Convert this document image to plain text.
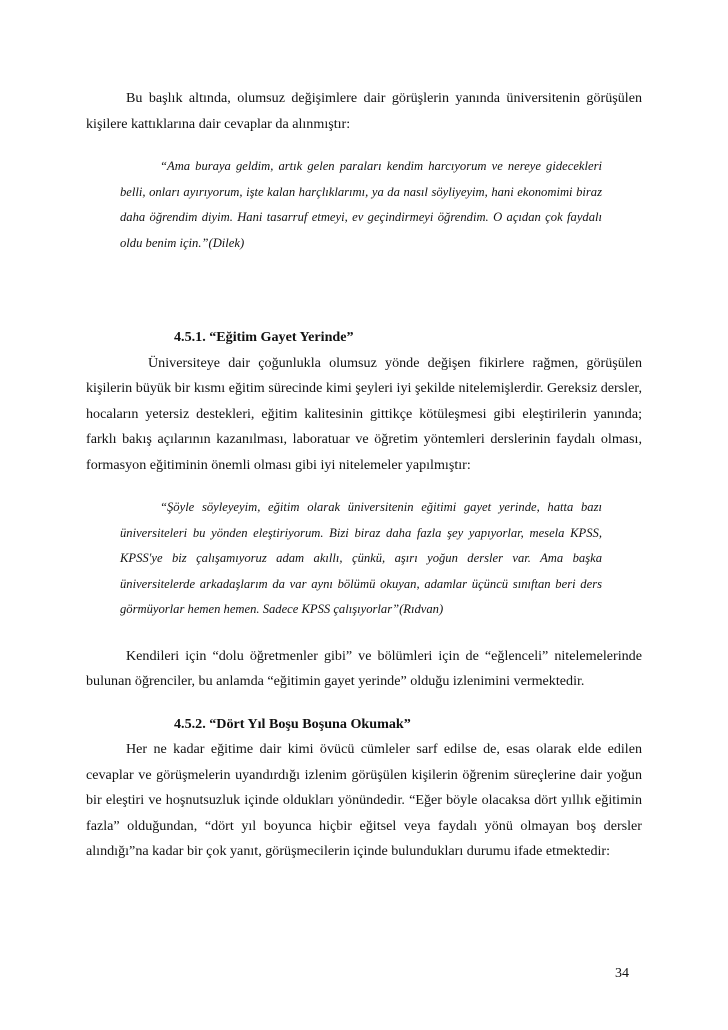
Bu başlık altında, olumsuz değişimlere dair görüşlerin yanında üniversitenin görüşülen kişilere kattıklarına dair cevaplar da alınmıştır:

“Ama buraya geldim, artık gelen paraları kendim harcıyorum ve nereye gidecekleri belli, onları ayırıyorum, işte kalan harçlıklarımı, ya da nasıl söyliyeyim, hani ekonomimi biraz daha öğrendim diyim. Hani tasarruf etmeyi, ev geçindirmeyi öğrendim. O açıdan çok faydalı oldu benim için.”(Dilek)

4.5.1. “Eğitim Gayet Yerinde”

Üniversiteye dair çoğunlukla olumsuz yönde değişen fikirlere rağmen, görüşülen kişilerin büyük bir kısmı eğitim sürecinde kimi şeyleri iyi şekilde nitelemişlerdir. Gereksiz dersler, hocaların yetersiz destekleri, eğitim kalitesinin gittikçe kötüleşmesi gibi eleştirilerin yanında; farklı bakış açılarının kazanılması, laboratuar ve öğretim yöntemleri derslerinin faydalı olması, formasyon eğitiminin önemli olması gibi iyi nitelemeler yapılmıştır:

“Şöyle söyleyeyim, eğitim olarak üniversitenin eğitimi gayet yerinde, hatta bazı üniversiteleri bu yönden eleştiriyorum. Bizi biraz daha fazla şey yapıyorlar, mesela KPSS, KPSS'ye biz çalışamıyoruz adam akıllı, çünkü, aşırı yoğun dersler var. Ama başka üniversitelerde arkadaşlarım da var aynı bölümü okuyan, adamlar üçüncü sınıftan beri ders görmüyorlar hemen hemen. Sadece KPSS çalışıyorlar”(Rıdvan)

Kendileri için “dolu öğretmenler gibi” ve bölümleri için de “eğlenceli” nitelemelerinde bulunan öğrenciler, bu anlamda “eğitimin gayet yerinde” olduğu izlenimini vermektedir.

4.5.2. “Dört Yıl Boşu Boşuna Okumak”

Her ne kadar eğitime dair kimi övücü cümleler sarf edilse de, esas olarak elde edilen cevaplar ve görüşmelerin uyandırdığı izlenim görüşülen kişilerin öğrenim süreçlerine dair yoğun bir eleştiri ve hoşnutsuzluk içinde oldukları yönündedir. “Eğer böyle olacaksa dört yıllık eğitimin fazla” olduğundan, “dört yıl boyunca hiçbir eğitsel veya faydalı yönü olmayan boş dersler alındığı”na kadar bir çok yanıt, görüşmecilerin içinde bulundukları durumu ifade etmektedir:

34
